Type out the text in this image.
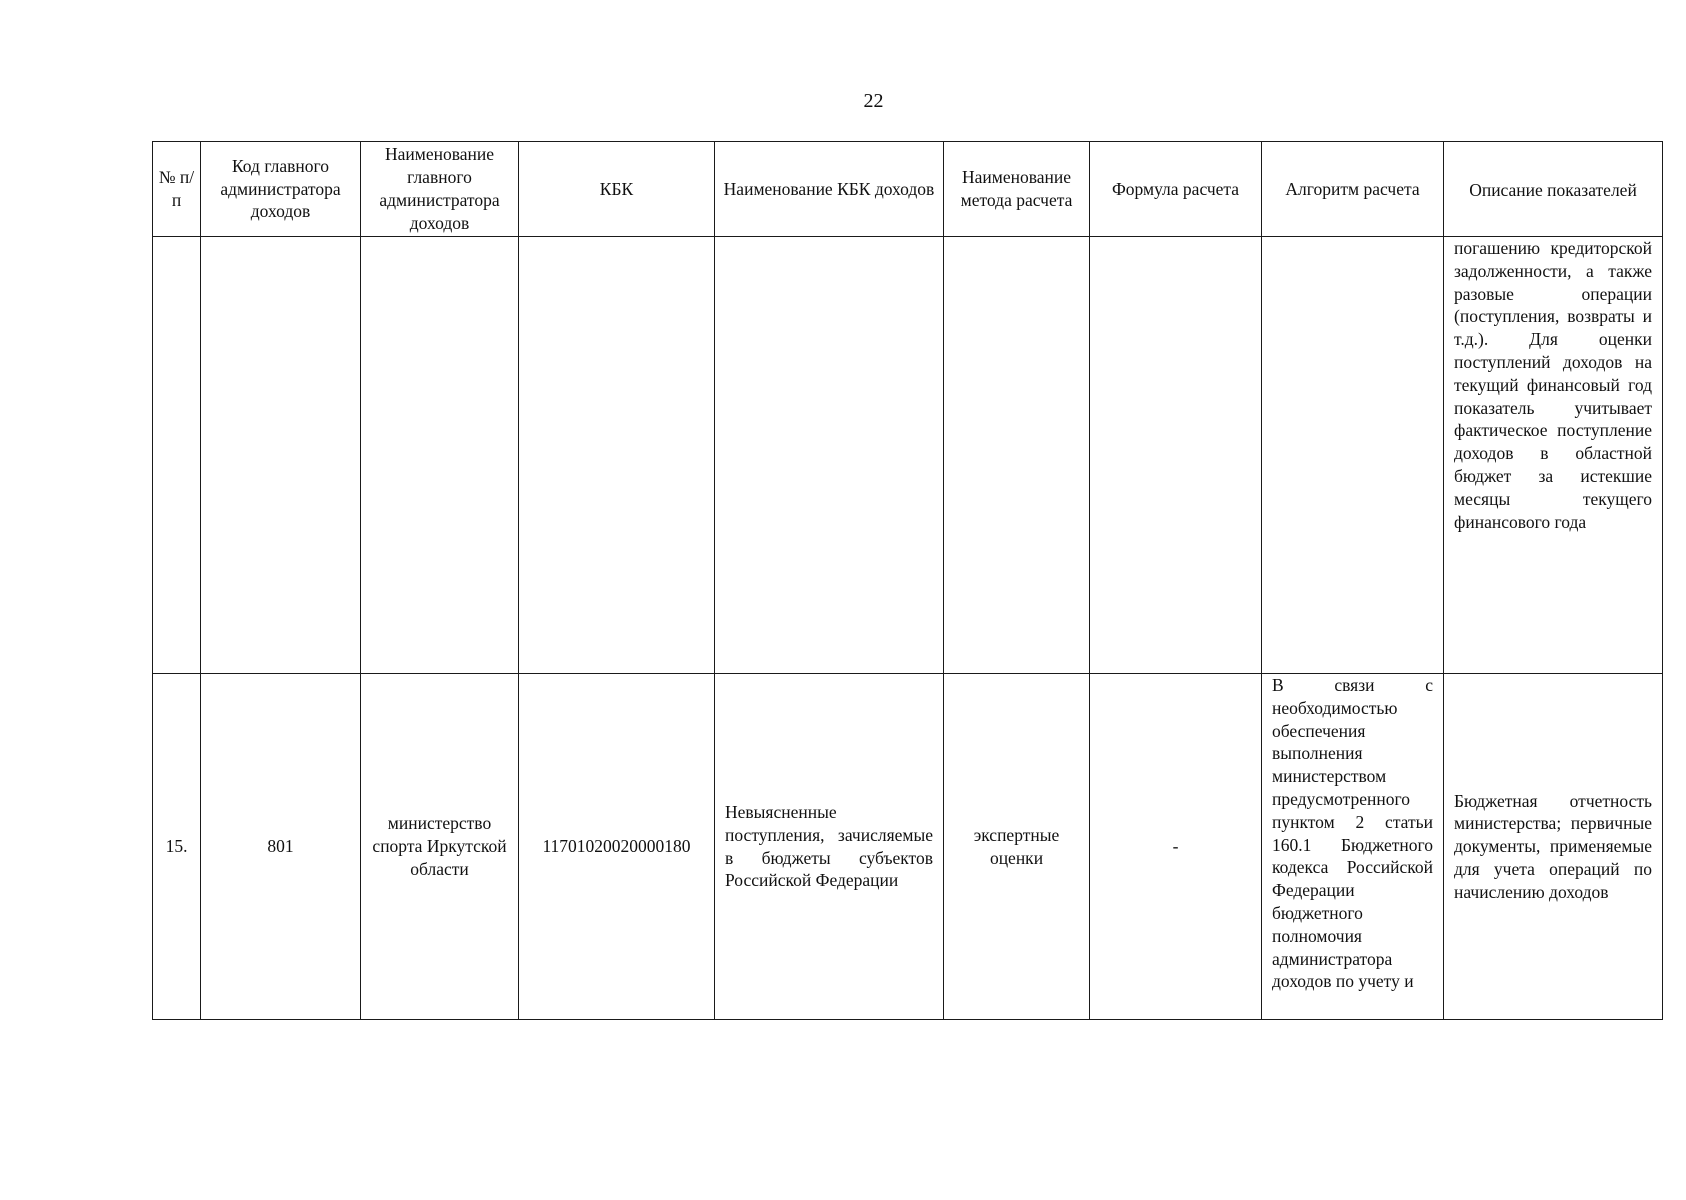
22
№ п/п	Код главного администратора доходов	Наименование главного администратора доходов	КБК	Наименование КБК доходов	Наименование метода расчета	Формула расчета	Алгоритм расчета	Описание показателей
								погашению кредиторской задолженности, а также разовые операции (поступления, возвраты и т.д.). Для оценки поступлений доходов на текущий финансовый год показатель учитывает фактическое поступление доходов в областной бюджет за истекшие месяцы текущего финансового года
15.	801	министерство спорта Иркутской области	11701020020000180	Невыясненные поступления, зачисляемые в бюджеты субъектов Российской Федерации	экспертные оценки	-	В связи с необходимостью обеспечения выполнения министерством предусмотренного пунктом 2 статьи 160.1 Бюджетного кодекса Российской Федерации бюджетного полномочия администратора доходов по учету и	Бюджетная отчетность министерства; первичные документы, применяемые для учета операций по начислению доходов
